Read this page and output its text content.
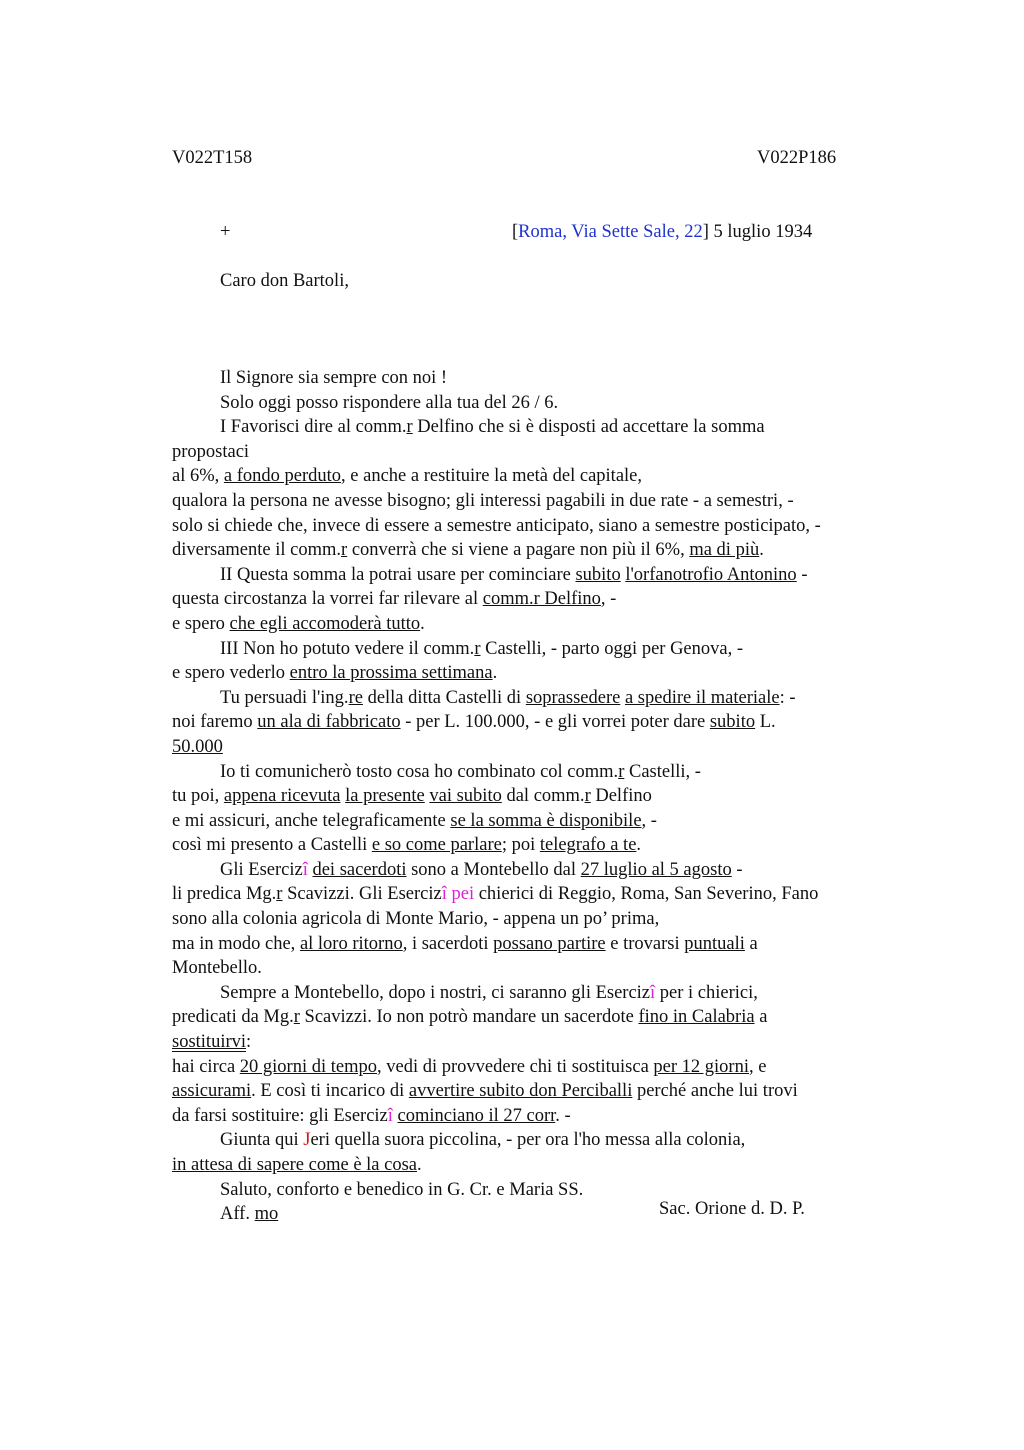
V022T158	V022P186
+	[Roma, Via Sette Sale, 22] 5 luglio 1934
Caro don Bartoli,
Il Signore sia sempre con noi !
Solo oggi posso rispondere alla tua del 26 / 6.
I Favorisci dire al comm.r Delfino che si è disposti ad accettare la somma
propostaci
al 6%, a fondo perduto, e anche a restituire la metà del capitale,
qualora la persona ne avesse bisogno; gli interessi pagabili in due rate - a semestri, -
solo si chiede che, invece di essere a semestre anticipato, siano a semestre posticipato, -
diversamente il comm.r converrà che si viene a pagare non più il 6%, ma di più.
II Questa somma la potrai usare per cominciare subito l'orfanotrofio Antonino -
questa circostanza la vorrei far rilevare al comm.r Delfino, -
e spero che egli accomoderà tutto.
III Non ho potuto vedere il comm.r Castelli, - parto oggi per Genova, -
e spero vederlo entro la prossima settimana.
Tu persuadi l'ing.re della ditta Castelli di soprassedere a spedire il materiale: -
noi faremo un ala di fabbricato - per L. 100.000, - e gli vorrei poter dare subito L.
50.000
Io ti comunicherò tosto cosa ho combinato col comm.r Castelli, -
tu poi, appena ricevuta la presente vai subito dal comm.r Delfino
e mi assicuri, anche telegraficamente se la somma è disponibile, -
così mi presento a Castelli e so come parlare; poi telegrafo a te.
Gli Esercizî dei sacerdoti sono a Montebello dal 27 luglio al 5 agosto -
li predica Mg.r Scavizzi. Gli Esercizî pei chierici di Reggio, Roma, San Severino, Fano
sono alla colonia agricola di Monte Mario, - appena un po’ prima,
ma in modo che, al loro ritorno, i sacerdoti possano partire e trovarsi puntuali a
Montebello.
Sempre a Montebello, dopo i nostri, ci saranno gli Esercizî per i chierici,
predicati da Mg.r Scavizzi. Io non potrò mandare un sacerdote fino in Calabria a
sostituirvi:
hai circa 20 giorni di tempo, vedi di provvedere chi ti sostituisca per 12 giorni, e
assicurami. E così ti incarico di avvertire subito don Perciballi perché anche lui trovi
da farsi sostituire: gli Esercizî cominciano il 27 corr. -
Giunta qui Jeri quella suora piccolina, - per ora l'ho messa alla colonia,
in attesa di sapere come è la cosa.
Saluto, conforto e benedico in G. Cr. e Maria SS.
Aff. mo	Sac. Orione d. D. P.
